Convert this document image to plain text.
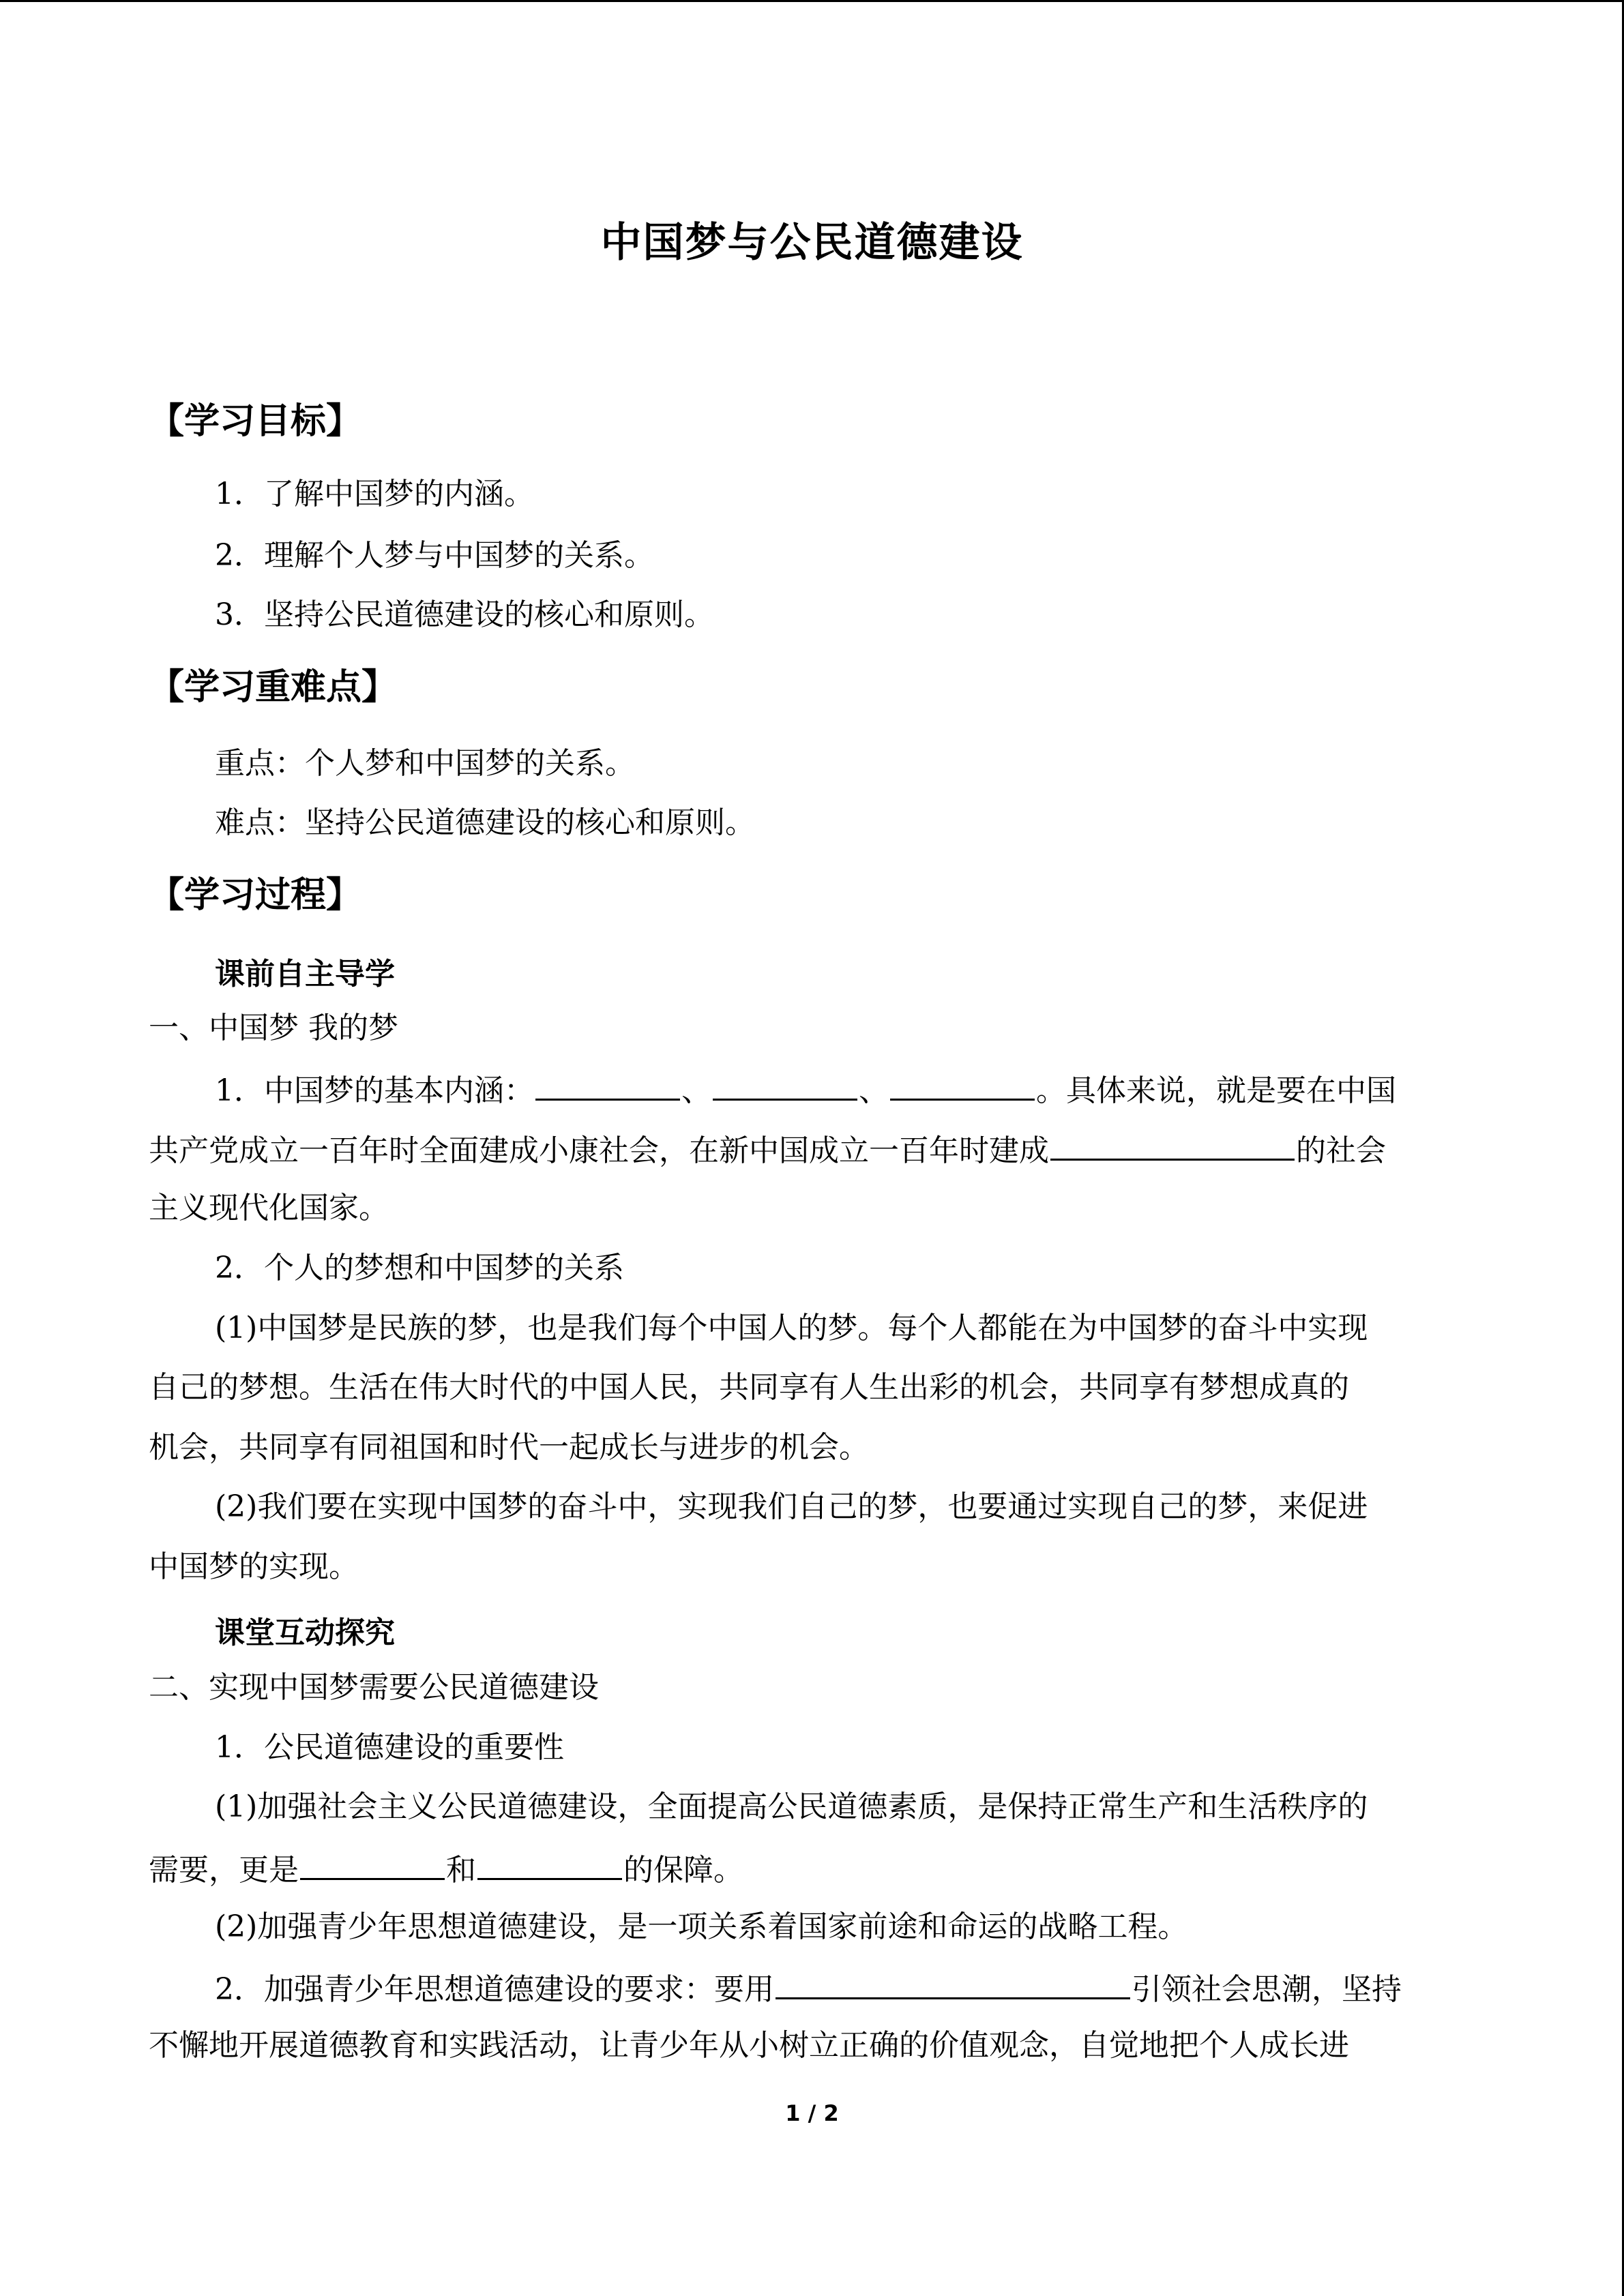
中国梦与公民道德建设
【学习目标】
1．了解中国梦的内涵。
2．理解个人梦与中国梦的关系。
3．坚持公民道德建设的核心和原则。
【学习重难点】
重点：个人梦和中国梦的关系。
难点：坚持公民道德建设的核心和原则。
【学习过程】
课前自主导学
一、中国梦 我的梦
1．中国梦的基本内涵：	、	、	。具体来说，就是要在中国
共产党成立一百年时全面建成小康社会，在新中国成立一百年时建成	的社会
主义现代化国家。
2．个人的梦想和中国梦的关系
(1)中国梦是民族的梦，也是我们每个中国人的梦。每个人都能在为中国梦的奋斗中实现
自己的梦想。生活在伟大时代的中国人民，共同享有人生出彩的机会，共同享有梦想成真的
机会，共同享有同祖国和时代一起成长与进步的机会。
(2)我们要在实现中国梦的奋斗中，实现我们自己的梦，也要通过实现自己的梦，来促进
中国梦的实现。
课堂互动探究
二、实现中国梦需要公民道德建设
1．公民道德建设的重要性
(1)加强社会主义公民道德建设，全面提高公民道德素质，是保持正常生产和生活秩序的
需要，更是	和	的保障。
(2)加强青少年思想道德建设，是一项关系着国家前途和命运的战略工程。
2．加强青少年思想道德建设的要求：要用	引领社会思潮，坚持
不懈地开展道德教育和实践活动，让青少年从小树立正确的价值观念，自觉地把个人成长进
1 / 2
